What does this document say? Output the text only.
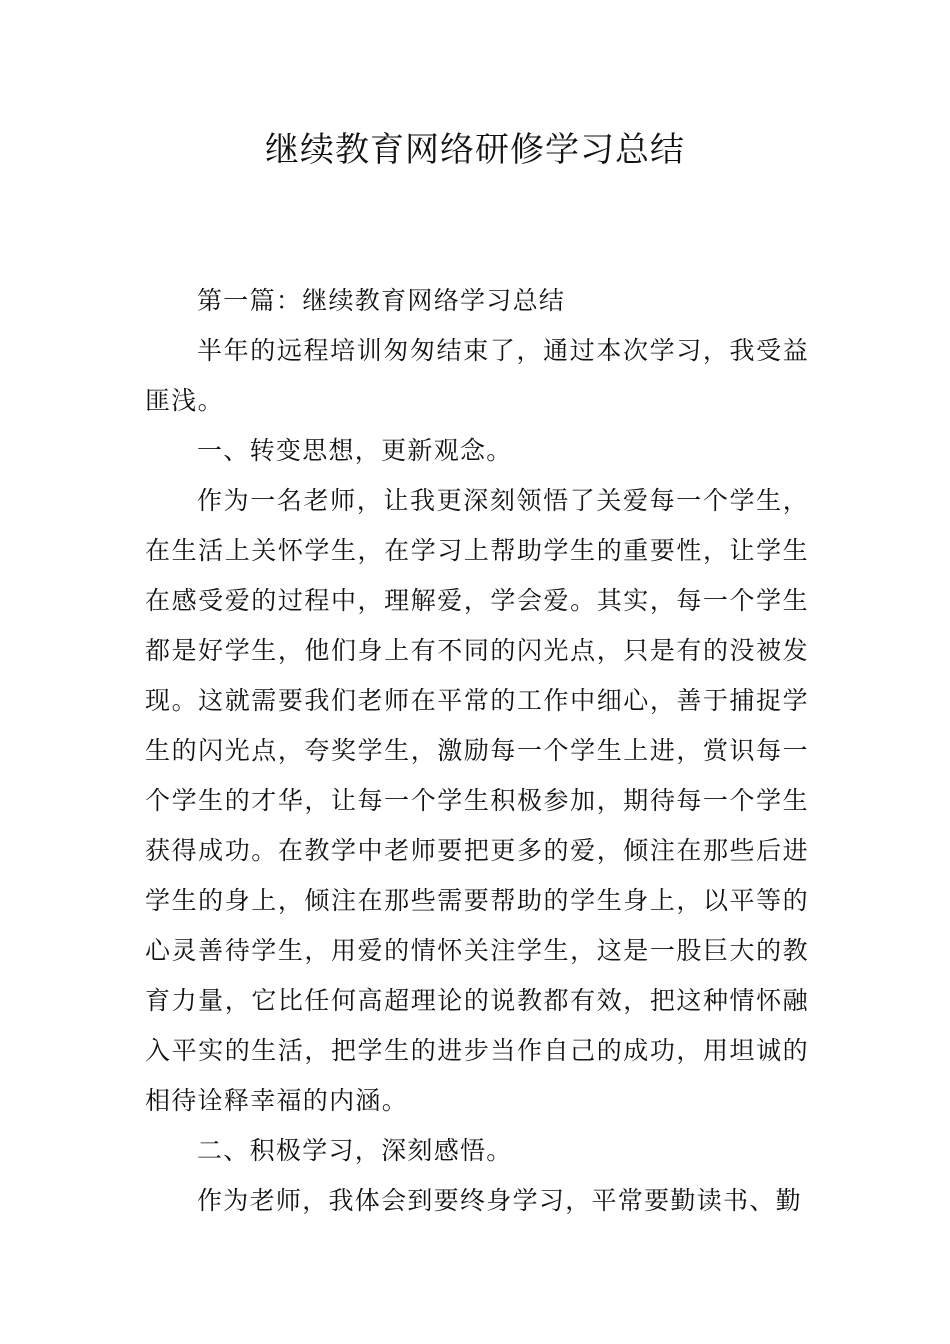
继续教育网络研修学习总结

第一篇：继续教育网络学习总结

半年的远程培训匆匆结束了，通过本次学习，我受益匪浅。

一、转变思想，更新观念。

作为一名老师，让我更深刻领悟了关爱每一个学生，在生活上关怀学生，在学习上帮助学生的重要性，让学生在感受爱的过程中，理解爱，学会爱。其实，每一个学生都是好学生，他们身上有不同的闪光点，只是有的没被发现。这就需要我们老师在平常的工作中细心，善于捕捉学生的闪光点，夸奖学生，激励每一个学生上进，赏识每一个学生的才华，让每一个学生积极参加，期待每一个学生获得成功。在教学中老师要把更多的爱，倾注在那些后进学生的身上，倾注在那些需要帮助的学生身上，以平等的心灵善待学生，用爱的情怀关注学生，这是一股巨大的教育力量，它比任何高超理论的说教都有效，把这种情怀融入平实的生活，把学生的进步当作自己的成功，用坦诚的相待诠释幸福的内涵。

二、积极学习，深刻感悟。

作为老师，我体会到要终身学习，平常要勤读书、勤
